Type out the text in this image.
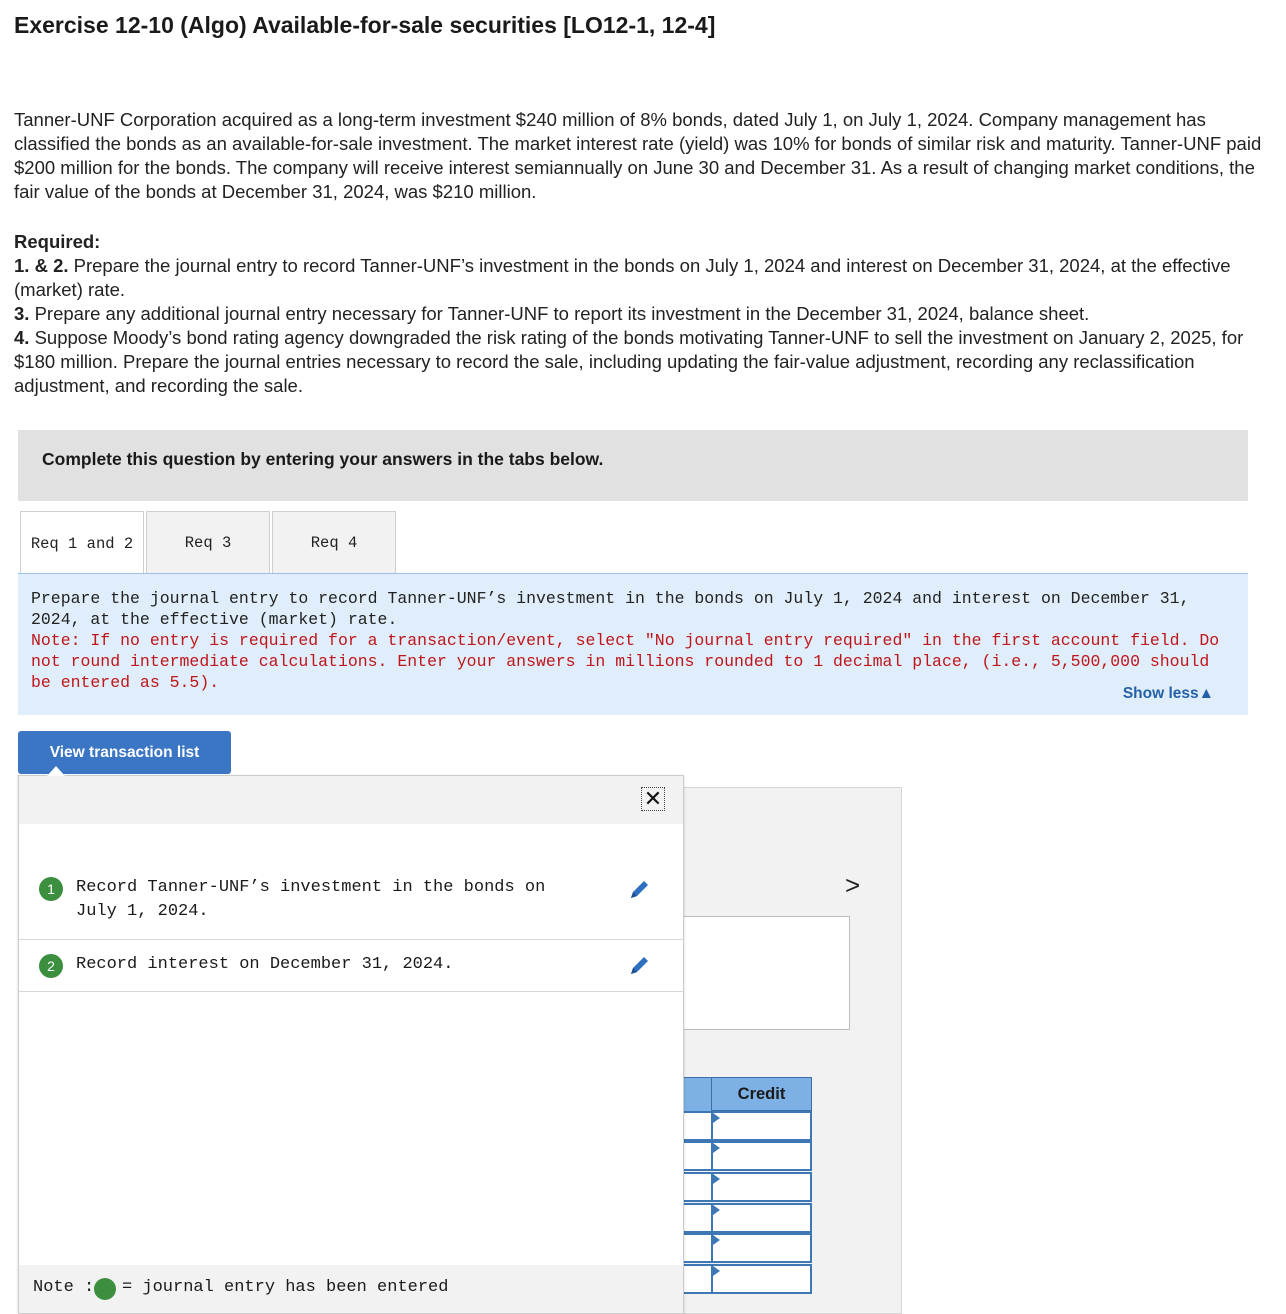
Exercise 12-10 (Algo) Available-for-sale securities [LO12-1, 12-4]
Tanner-UNF Corporation acquired as a long-term investment $240 million of 8% bonds, dated July 1, on July 1, 2024. Company management has classified the bonds as an available-for-sale investment. The market interest rate (yield) was 10% for bonds of similar risk and maturity. Tanner-UNF paid $200 million for the bonds. The company will receive interest semiannually on June 30 and December 31. As a result of changing market conditions, the fair value of the bonds at December 31, 2024, was $210 million.
Required:
1. & 2. Prepare the journal entry to record Tanner-UNF’s investment in the bonds on July 1, 2024 and interest on December 31, 2024, at the effective (market) rate.
3. Prepare any additional journal entry necessary for Tanner-UNF to report its investment in the December 31, 2024, balance sheet.
4. Suppose Moody’s bond rating agency downgraded the risk rating of the bonds motivating Tanner-UNF to sell the investment on January 2, 2025, for $180 million. Prepare the journal entries necessary to record the sale, including updating the fair-value adjustment, recording any reclassification adjustment, and recording the sale.
Complete this question by entering your answers in the tabs below.
Req 1 and 2	Req 3	Req 4
Prepare the journal entry to record Tanner-UNF’s investment in the bonds on July 1, 2024 and interest on December 31, 2024, at the effective (market) rate.
Note: If no entry is required for a transaction/event, select "No journal entry required" in the first account field. Do not round intermediate calculations. Enter your answers in millions rounded to 1 decimal place, (i.e., 5,500,000 should be entered as 5.5).
Show less▲
>
Credit
View transaction list
✕
1	Record Tanner-UNF’s investment in the bonds on July 1, 2024.
2	Record interest on December 31, 2024.
Note : = journal entry has been entered
